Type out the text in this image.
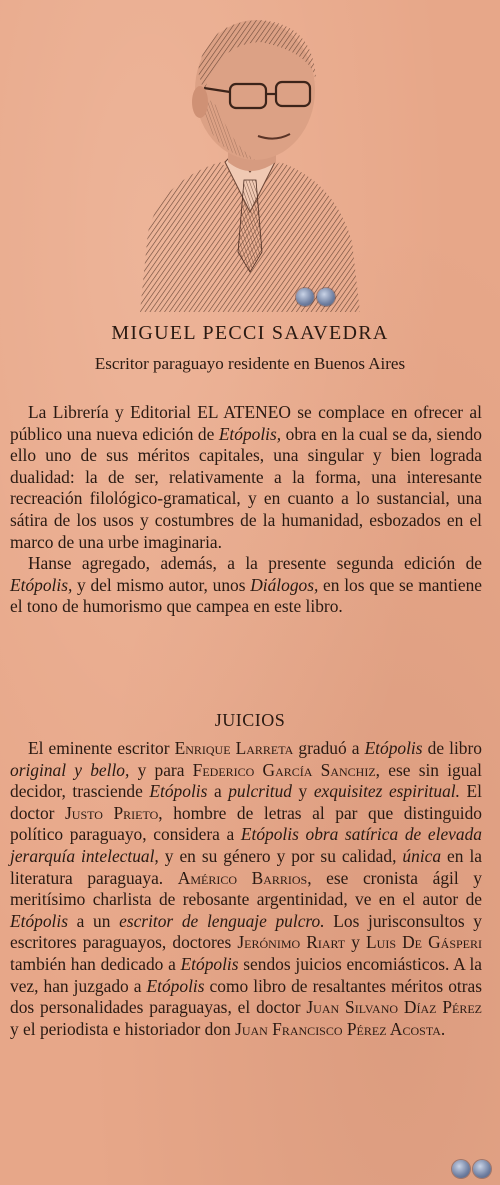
MIGUEL PECCI SAAVEDRA
Escritor paraguayo residente en Buenos Aires

La Librería y Editorial EL ATENEO se complace en ofrecer al público una nueva edición de Etópolis, obra en la cual se da, siendo ello uno de sus méritos capitales, una singular y bien lograda dualidad: la de ser, relativamente a la forma, una interesante recreación filológico-gramatical, y en cuanto a lo sustancial, una sátira de los usos y costumbres de la humanidad, esbozados en el marco de una urbe imaginaria.

Hanse agregado, además, a la presente segunda edición de Etópolis, y del mismo autor, unos Diálogos, en los que se mantiene el tono de humorismo que campea en este libro.

JUICIOS

El eminente escritor Enrique Larreta graduó a Etópolis de libro original y bello, y para Federico García Sanchiz, ese sin igual decidor, trasciende Etópolis a pulcritud y exquisitez espiritual. El doctor Justo Prieto, hombre de letras al par que distinguido político paraguayo, considera a Etópolis obra satírica de elevada jerarquía intelectual, y en su género y por su calidad, única en la literatura paraguaya. Américo Barrios, ese cronista ágil y meritísimo charlista de rebosante argentinidad, ve en el autor de Etópolis a un escritor de lenguaje pulcro. Los jurisconsultos y escritores paraguayos, doctores Jerónimo Riart y Luis De Gásperi también han dedicado a Etópolis sendos juicios encomiásticos. A la vez, han juzgado a Etópolis como libro de resaltantes méritos otras dos personalidades paraguayas, el doctor Juan Silvano Díaz Pérez y el periodista e historiador don Juan Francisco Pérez Acosta.
